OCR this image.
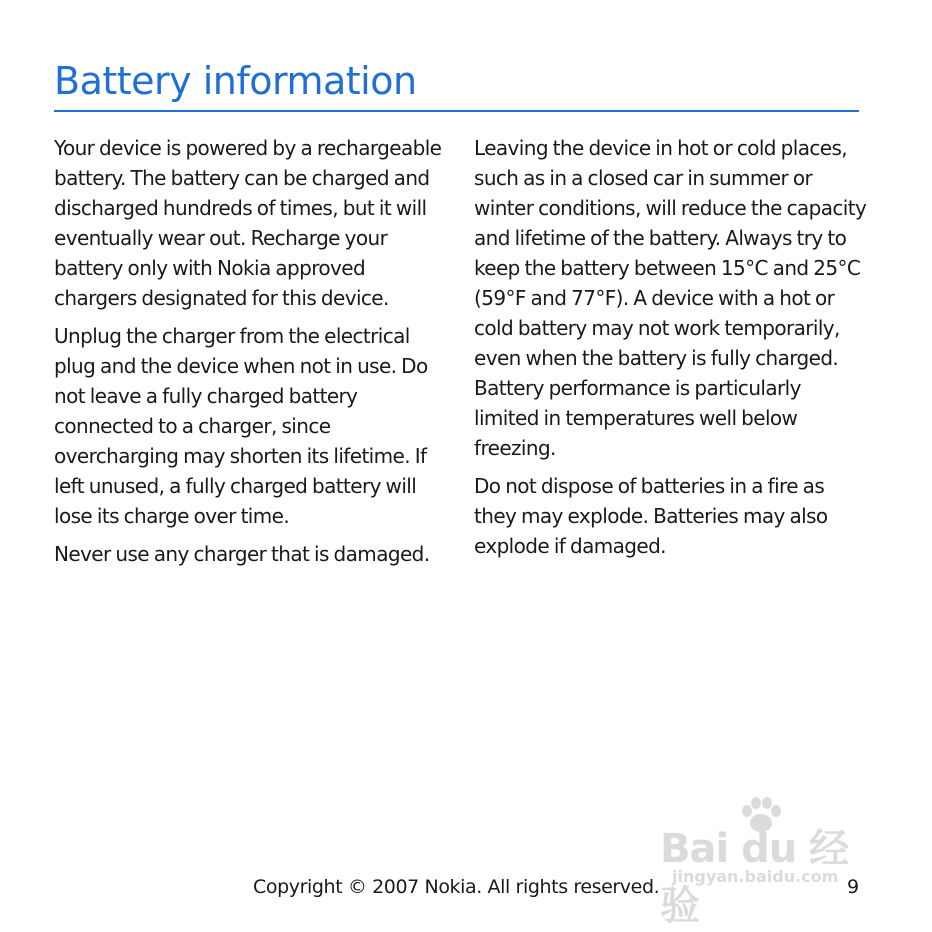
Battery information

Your device is powered by a rechargeable battery. The battery can be charged and discharged hundreds of times, but it will eventually wear out. Recharge your battery only with Nokia approved chargers designated for this device.

Unplug the charger from the electrical plug and the device when not in use. Do not leave a fully charged battery connected to a charger, since overcharging may shorten its lifetime. If left unused, a fully charged battery will lose its charge over time.

Never use any charger that is damaged.

Leaving the device in hot or cold places, such as in a closed car in summer or winter conditions, will reduce the capacity and lifetime of the battery. Always try to keep the battery between 15°C and 25°C (59°F and 77°F). A device with a hot or cold battery may not work temporarily, even when the battery is fully charged. Battery performance is particularly limited in temperatures well below freezing.

Do not dispose of batteries in a fire as they may explode. Batteries may also explode if damaged.

Bai du 经验
jingyan.baidu.com
Copyright © 2007 Nokia. All rights reserved.	9
